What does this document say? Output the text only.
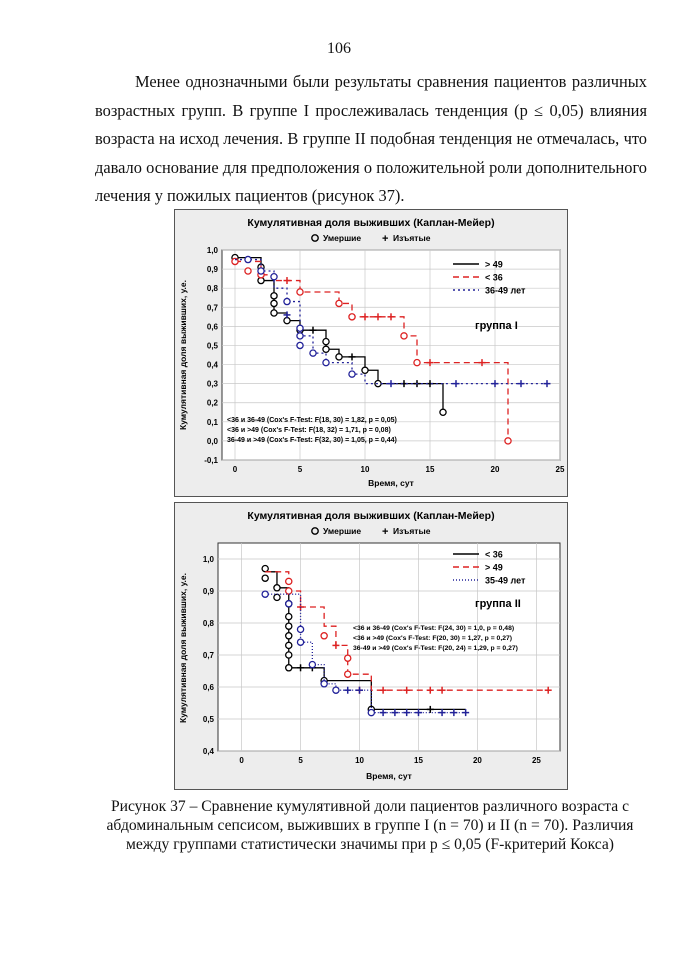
106

Менее однозначными были результаты сравнения пациентов различных возрастных групп. В группе I прослеживалась тенденция (p ≤ 0,05) влияния возраста на исход лечения. В группе II подобная тенденция не отмечалась, что давало основание для предположения о положительной роли дополнительного лечения у пожилых пациентов (рисунок 37).

Кумулятивная доля выживших (Каплан-Мейер)
Умершие + Изъятые
-0,1
0,0
0,1
0,2
0,3
0,4
0,5
0,6
0,7
0,8
0,9
1,0
0	5	10	15	20	25
Кумулятивная доля выживших, у.е.
Время, сут
> 49
< 36
36-49 лет
группа I
<36 и 36-49 (Cox's F-Test: F(18, 30) = 1,82, p = 0,05)
<36 и >49 (Cox's F-Test: F(18, 32) = 1,71, p = 0,08)
36-49 и >49 (Cox's F-Test: F(32, 30) = 1,05, p = 0,44)
Кумулятивная доля выживших (Каплан-Мейер)
Умершие + Изъятые
0,4
0,5
0,6
0,7
0,8
0,9
1,0
0	5	10	15	20	25
Кумулятивная доля выживших, у.е.
Время, сут
< 36
> 49
35-49 лет
группа II
<36 и 36-49 (Cox's F-Test: F(24, 30) = 1,0, p = 0,48)
<36 и >49 (Cox's F-Test: F(20, 30) = 1,27, p = 0,27)
36-49 и >49 (Cox's F-Test: F(20, 24) = 1,29, p = 0,27)
Рисунок 37 – Сравнение кумулятивной доли пациентов различного возраста с
абдоминальным сепсисом, выживших в группе I (n = 70) и II (n = 70). Различия
между группами статистически значимы при p ≤ 0,05 (F-критерий Кокса)
